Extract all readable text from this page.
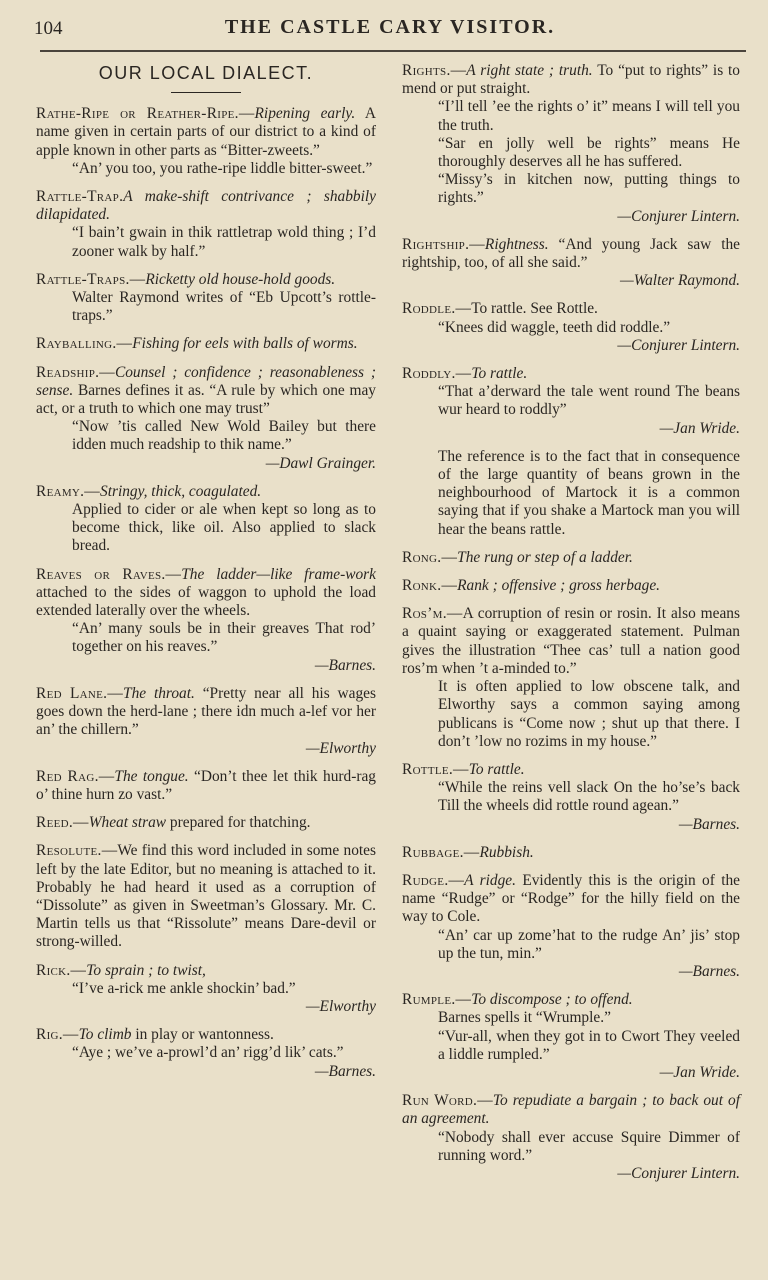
104	THE CASTLE CARY VISITOR.
OUR LOCAL DIALECT.

Rathe-Ripe or Reather-Ripe.—Ripening early. A name given in certain parts of our district to a kind of apple known in other parts as “Bitter-zweets.”

“An’ you too, you rathe-ripe liddle bitter-sweet.”

Rattle-Trap.A make-shift contrivance ; shabbily dilapidated.

“I bain’t gwain in thik rattletrap wold thing ; I’d zooner walk by half.”

Rattle-Traps.—Ricketty old house-hold goods.

Walter Raymond writes of “Eb Upcott’s rottle-traps.”

Rayballing.—Fishing for eels with balls of worms.

Readship.—Counsel ; confidence ; reasonableness ; sense. Barnes defines it as. “A rule by which one may act, or a truth to which one may trust”

“Now ’tis called New Wold Bailey but there idden much readship to thik name.”

—Dawl Grainger.

Reamy.—Stringy, thick, coagulated.

Applied to cider or ale when kept so long as to become thick, like oil. Also applied to slack bread.

Reaves or Raves.—The ladder—like frame-work attached to the sides of waggon to uphold the load extended laterally over the wheels.

“An’ many souls be in their greaves That rod’ together on his reaves.”

—Barnes.

Red Lane.—The throat. “Pretty near all his wages goes down the herd-lane ; there idn much a-lef vor her an’ the chillern.”

—Elworthy

Red Rag.—The tongue. “Don’t thee let thik hurd-rag o’ thine hurn zo vast.”

Reed.—Wheat straw prepared for thatching.

Resolute.—We find this word included in some notes left by the late Editor, but no meaning is attached to it. Probably he had heard it used as a corruption of “Dissolute” as given in Sweetman’s Glossary. Mr. C. Martin tells us that “Rissolute” means Dare-devil or strong-willed.

Rick.—To sprain ; to twist,

“I’ve a-rick me ankle shockin’ bad.”

—Elworthy

Rig.—To climb in play or wantonness.

“Aye ; we’ve a-prowl’d an’ rigg’d lik’ cats.”

—Barnes.

Rights.—A right state ; truth. To “put to rights” is to mend or put straight.

“I’ll tell ’ee the rights o’ it” means I will tell you the truth.

“Sar en jolly well be rights” means He thoroughly deserves all he has suffered.

“Missy’s in kitchen now, putting things to rights.”

—Conjurer Lintern.

Rightship.—Rightness. “And young Jack saw the rightship, too, of all she said.”

—Walter Raymond.

Roddle.—To rattle. See Rottle.

“Knees did waggle, teeth did roddle.”

—Conjurer Lintern.

Roddly.—To rattle.

“That a’derward the tale went round The beans wur heard to roddly”

—Jan Wride.

The reference is to the fact that in consequence of the large quantity of beans grown in the neighbourhood of Martock it is a common saying that if you shake a Martock man you will hear the beans rattle.

Rong.—The rung or step of a ladder.

Ronk.—Rank ; offensive ; gross herbage.

Ros’m.—A corruption of resin or rosin. It also means a quaint saying or exaggerated statement. Pulman gives the illustration “Thee cas’ tull a nation good ros’m when ’t a-minded to.”

It is often applied to low obscene talk, and Elworthy says a common saying among publicans is “Come now ; shut up that there. I don’t ’low no rozims in my house.”

Rottle.—To rattle.

“While the reins vell slack On the ho’se’s back Till the wheels did rottle round agean.”

—Barnes.

Rubbage.—Rubbish.

Rudge.—A ridge. Evidently this is the origin of the name “Rudge” or “Rodge” for the hilly field on the way to Cole.

“An’ car up zome’hat to the rudge An’ jis’ stop up the tun, min.”

—Barnes.

Rumple.—To discompose ; to offend.

Barnes spells it “Wrumple.”

“Vur-all, when they got in to Cwort They veeled a liddle rumpled.”

—Jan Wride.

Run Word.—To repudiate a bargain ; to back out of an agreement.

“Nobody shall ever accuse Squire Dimmer of running word.”

—Conjurer Lintern.
